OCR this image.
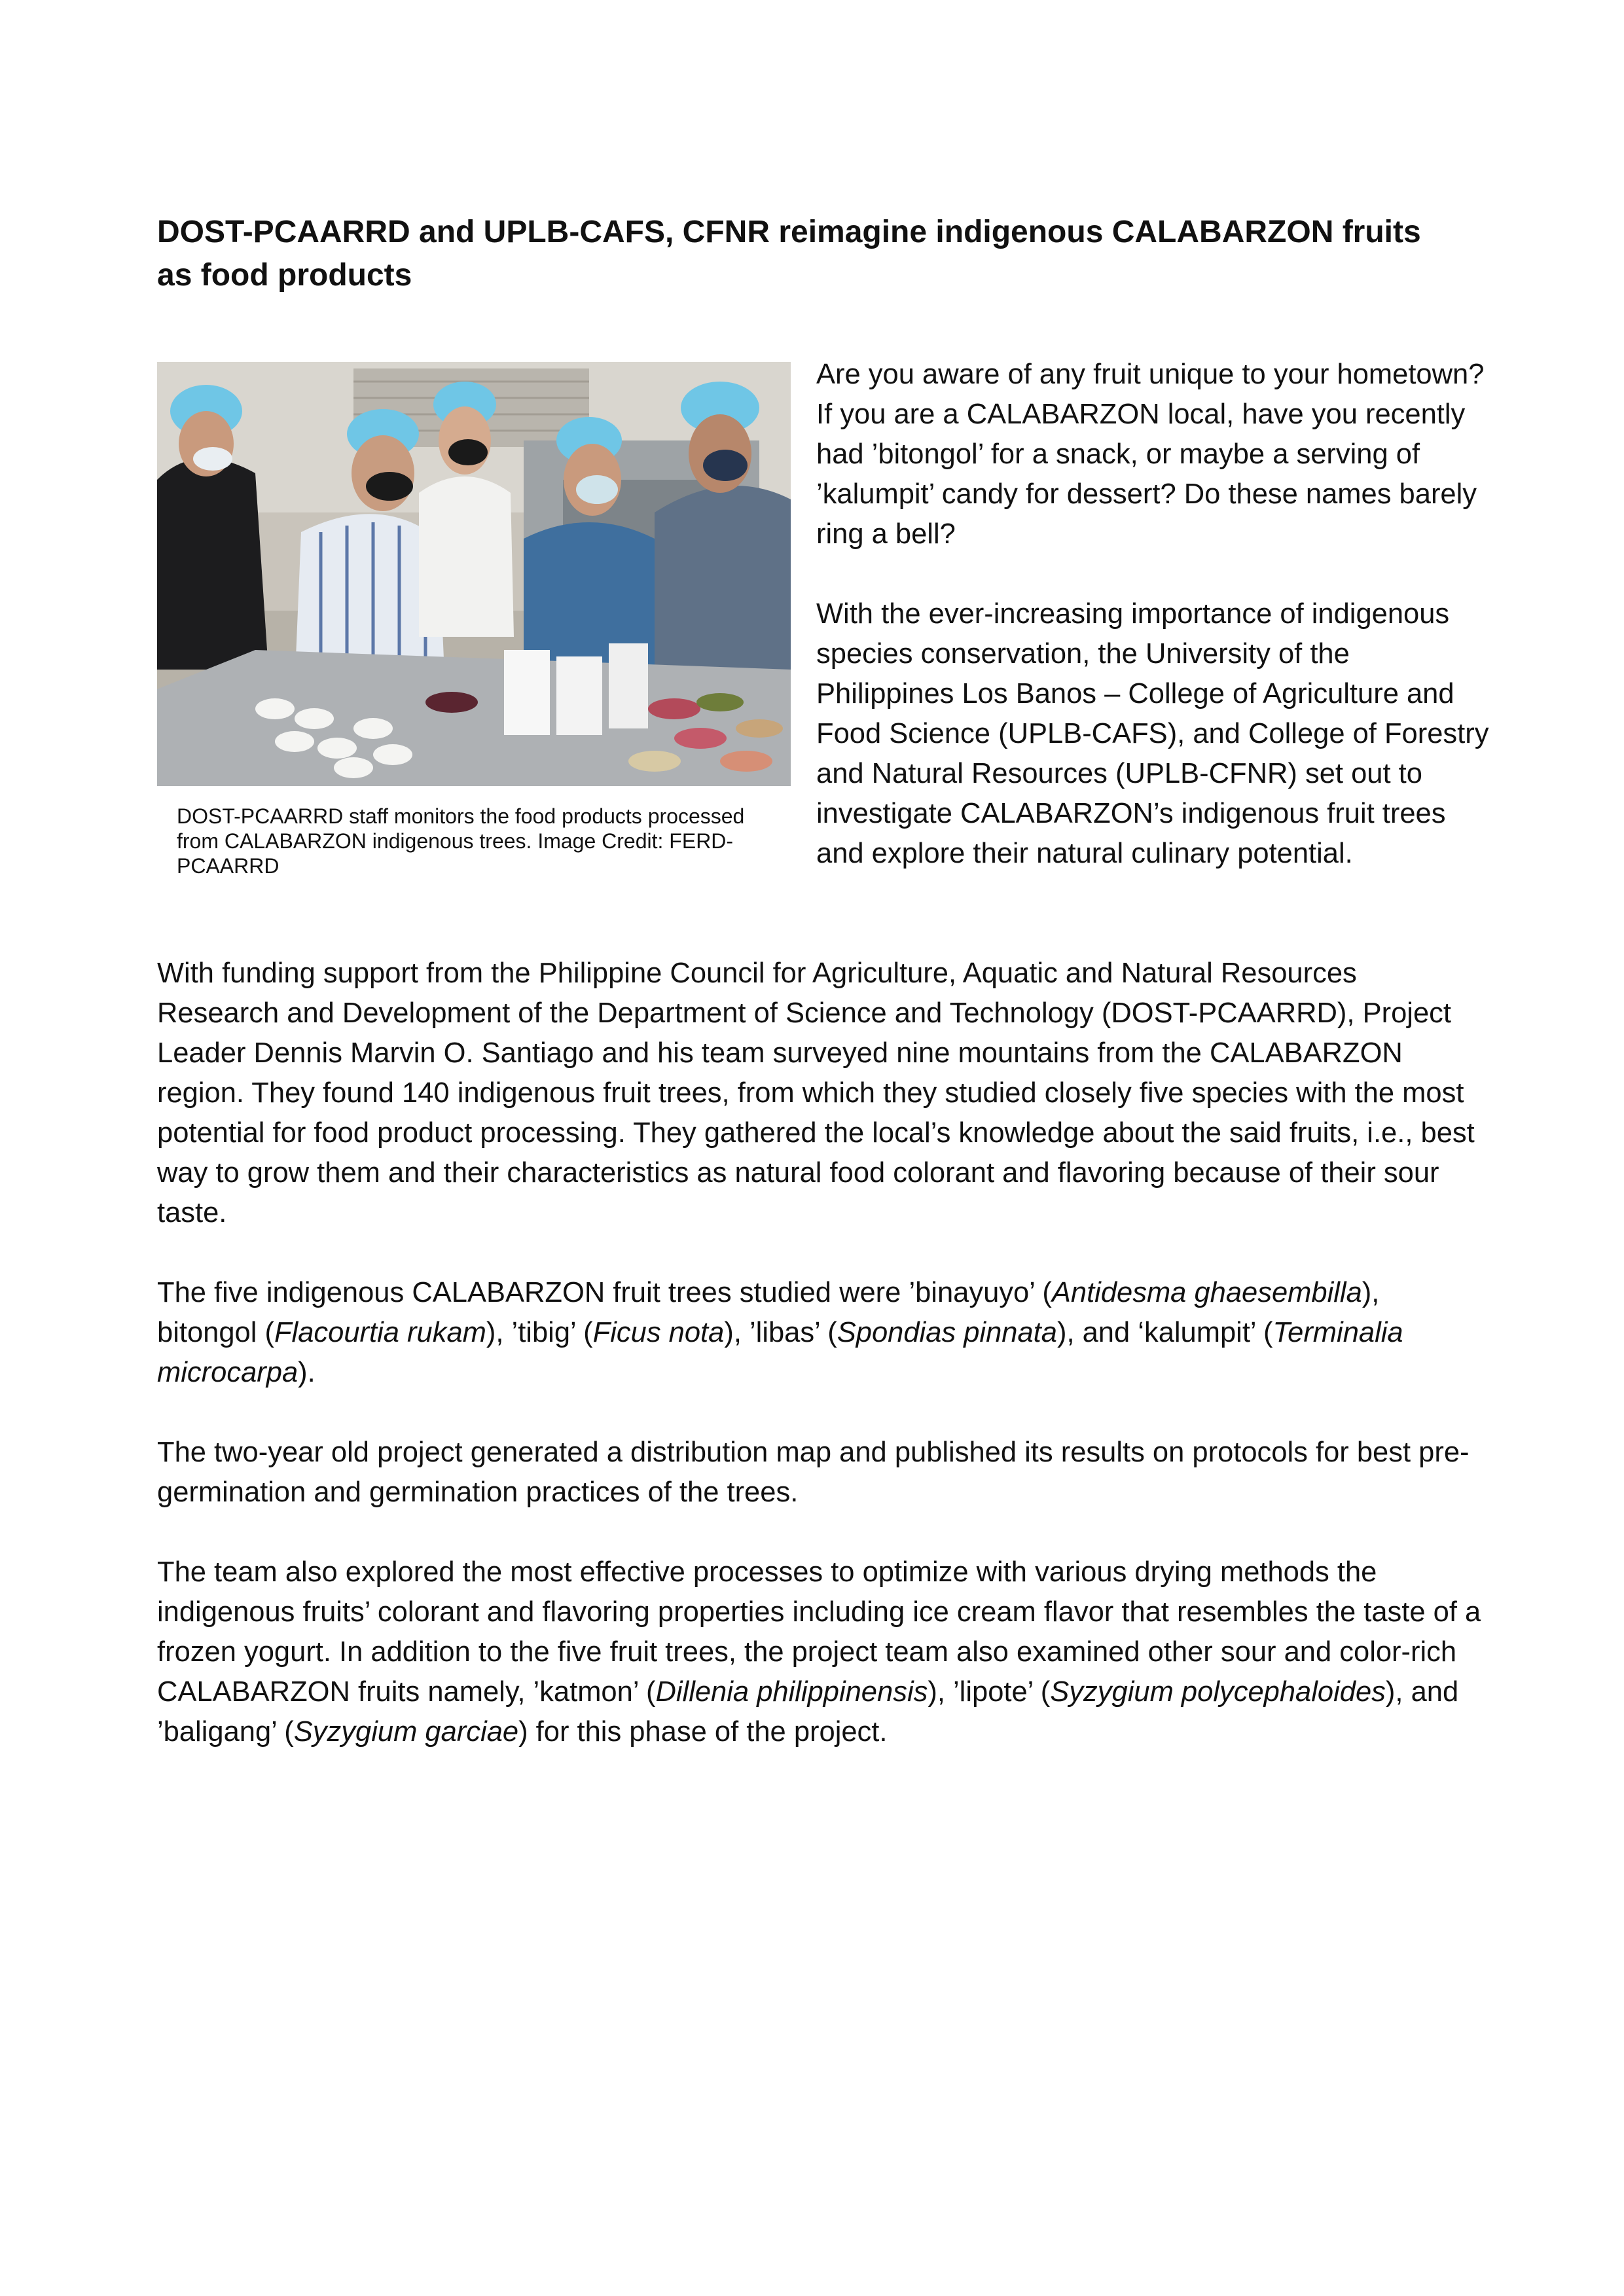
DOST-PCAARRD and UPLB-CAFS, CFNR reimagine indigenous CALABARZON fruits as food products

DOST-PCAARRD staff monitors the food products processed from CALABARZON indigenous trees. Image Credit: FERD-PCAARRD

Are you aware of any fruit unique to your hometown? If you are a CALABARZON local, have you recently had ’bitongol’ for a snack, or maybe a serving of ’kalumpit’ candy for dessert? Do these names barely ring a bell?

With the ever-increasing importance of indigenous species conservation, the University of the Philippines Los Banos – College of Agriculture and Food Science (UPLB-CAFS), and College of Forestry and Natural Resources (UPLB-CFNR) set out to investigate CALABARZON’s indigenous fruit trees and explore their natural culinary potential.

With funding support from the Philippine Council for Agriculture, Aquatic and Natural Resources Research and Development of the Department of Science and Technology (DOST-PCAARRD), Project Leader Dennis Marvin O. Santiago and his team surveyed nine mountains from the CALABARZON region. They found 140 indigenous fruit trees, from which they studied closely five species with the most potential for food product processing. They gathered the local’s knowledge about the said fruits, i.e., best way to grow them and their characteristics as natural food colorant and flavoring because of their sour taste.

The five indigenous CALABARZON fruit trees studied were ’binayuyo’ (Antidesma ghaesembilla), bitongol (Flacourtia rukam), ’tibig’ (Ficus nota), ’libas’ (Spondias pinnata), and ‘kalumpit’ (Terminalia microcarpa).

The two-year old project generated a distribution map and published its results on protocols for best pre-germination and germination practices of the trees.

The team also explored the most effective processes to optimize with various drying methods the indigenous fruits’ colorant and flavoring properties including ice cream flavor that resembles the taste of a frozen yogurt. In addition to the five fruit trees, the project team also examined other sour and color-rich CALABARZON fruits namely, ’katmon’ (Dillenia philippinensis), ’lipote’ (Syzygium polycephaloides), and ’baligang’ (Syzygium garciae) for this phase of the project.
